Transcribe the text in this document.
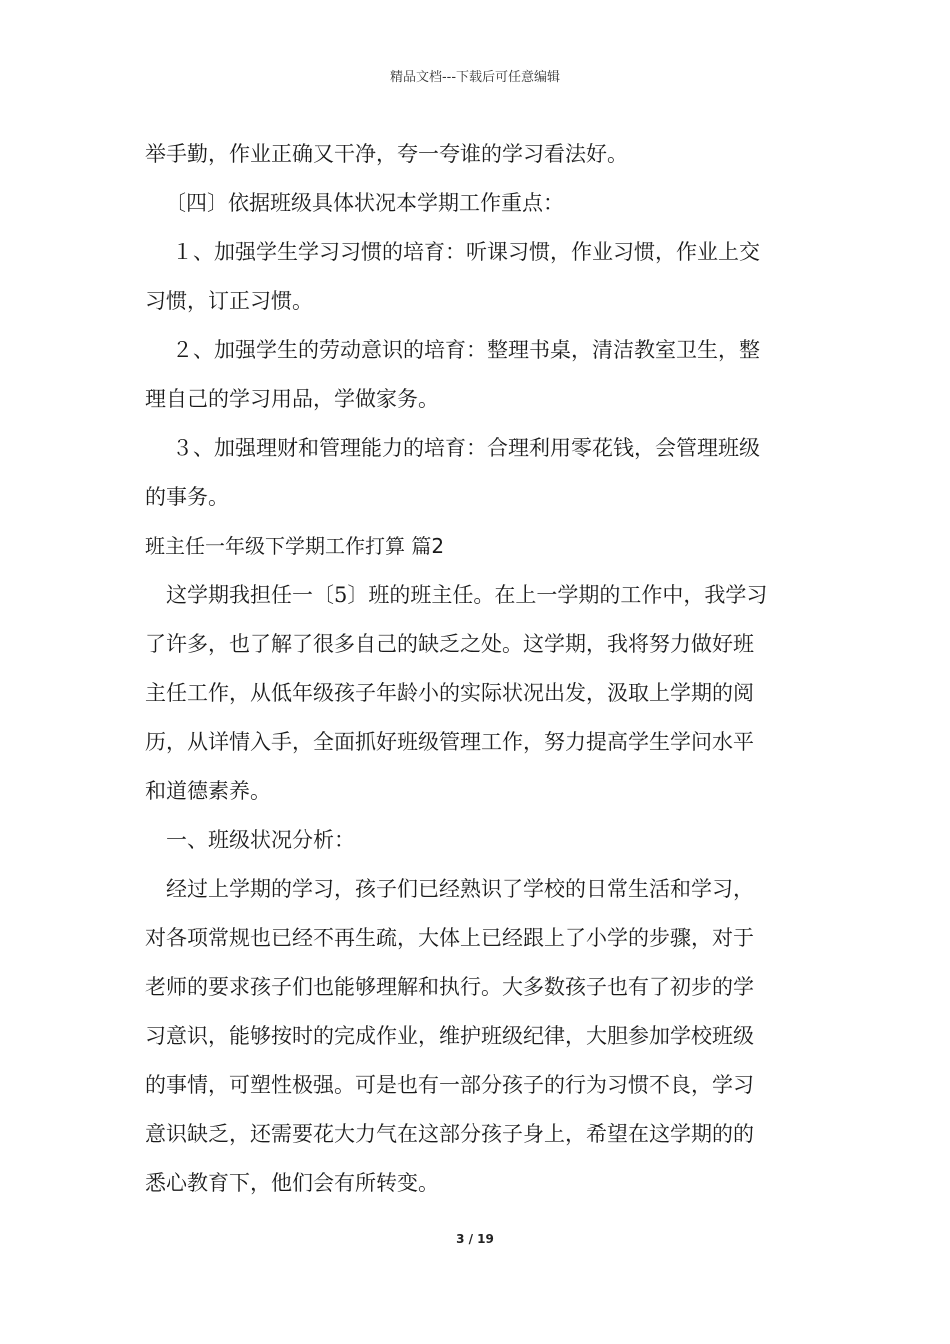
精品文档---下载后可任意编辑
举手勤，作业正确又干净，夸一夸谁的学习看法好。
〔四〕依据班级具体状况本学期工作重点：
１、加强学生学习习惯的培育：听课习惯，作业习惯，作业上交
习惯，订正习惯。
２、加强学生的劳动意识的培育：整理书桌，清洁教室卫生，整
理自己的学习用品，学做家务。
３、加强理财和管理能力的培育：合理利用零花钱，会管理班级
的事务。
班主任一年级下学期工作打算 篇2
这学期我担任一〔5〕班的班主任。在上一学期的工作中，我学习
了许多，也了解了很多自己的缺乏之处。这学期，我将努力做好班
主任工作，从低年级孩子年龄小的实际状况出发，汲取上学期的阅
历，从详情入手，全面抓好班级管理工作，努力提高学生学问水平
和道德素养。
一、班级状况分析：
经过上学期的学习，孩子们已经熟识了学校的日常生活和学习，
对各项常规也已经不再生疏，大体上已经跟上了小学的步骤，对于
老师的要求孩子们也能够理解和执行。大多数孩子也有了初步的学
习意识，能够按时的完成作业，维护班级纪律，大胆参加学校班级
的事情，可塑性极强。可是也有一部分孩子的行为习惯不良，学习
意识缺乏，还需要花大力气在这部分孩子身上，希望在这学期的的
悉心教育下，他们会有所转变。
3 / 19
